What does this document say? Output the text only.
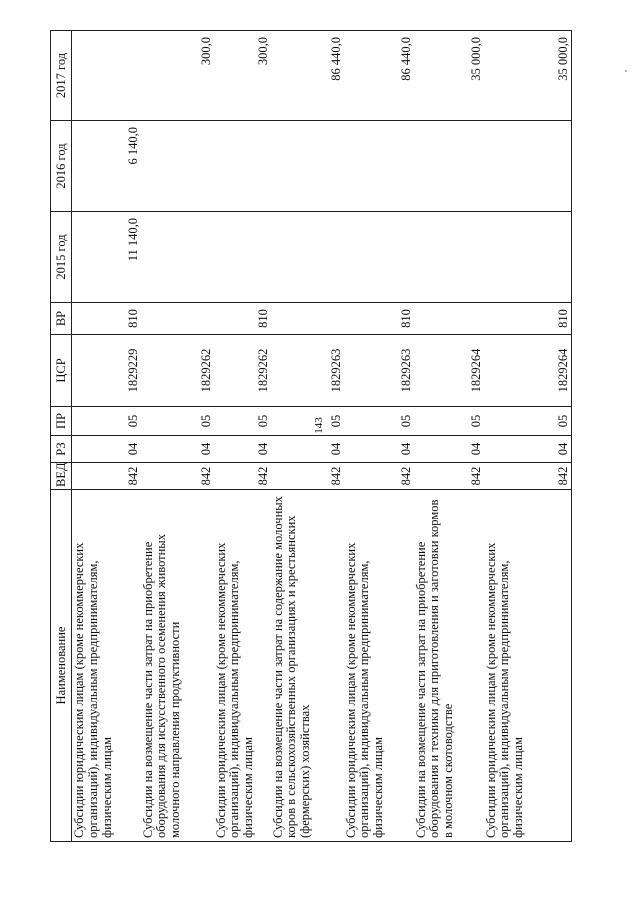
143
Наименование	ВЕД	РЗ	ПР	ЦСР	ВР	2015 год	2016 год	2017 год
Субсидии юридическим лицам (кроме некоммерческих организаций), индивидуальным предпринимателям, физическим лицам	842	04	05	1829229	810	11 140,0	6 140,0	
Субсидии на возмещение части затрат на приобретение оборудования для искусственного осеменения животных молочного направления продуктивности	842	04	05	1829262				300,0
Субсидии юридическим лицам (кроме некоммерческих организаций), индивидуальным предпринимателям, физическим лицам	842	04	05	1829262	810			300,0
Субсидии на возмещение части затрат на содержание молочных коров в сельскохозяйственных организациях и крестьянских (фермерских) хозяйствах	842	04	05	1829263				86 440,0
Субсидии юридическим лицам (кроме некоммерческих организаций), индивидуальным предпринимателям, физическим лицам	842	04	05	1829263	810			86 440,0
Субсидии на возмещение части затрат на приобретение оборудования и техники для приготовления и заготовки кормов в молочном скотоводстве	842	04	05	1829264				35 000,0
Субсидии юридическим лицам (кроме некоммерческих организаций), индивидуальным предпринимателям, физическим лицам	842	04	05	1829264	810			35 000,0
